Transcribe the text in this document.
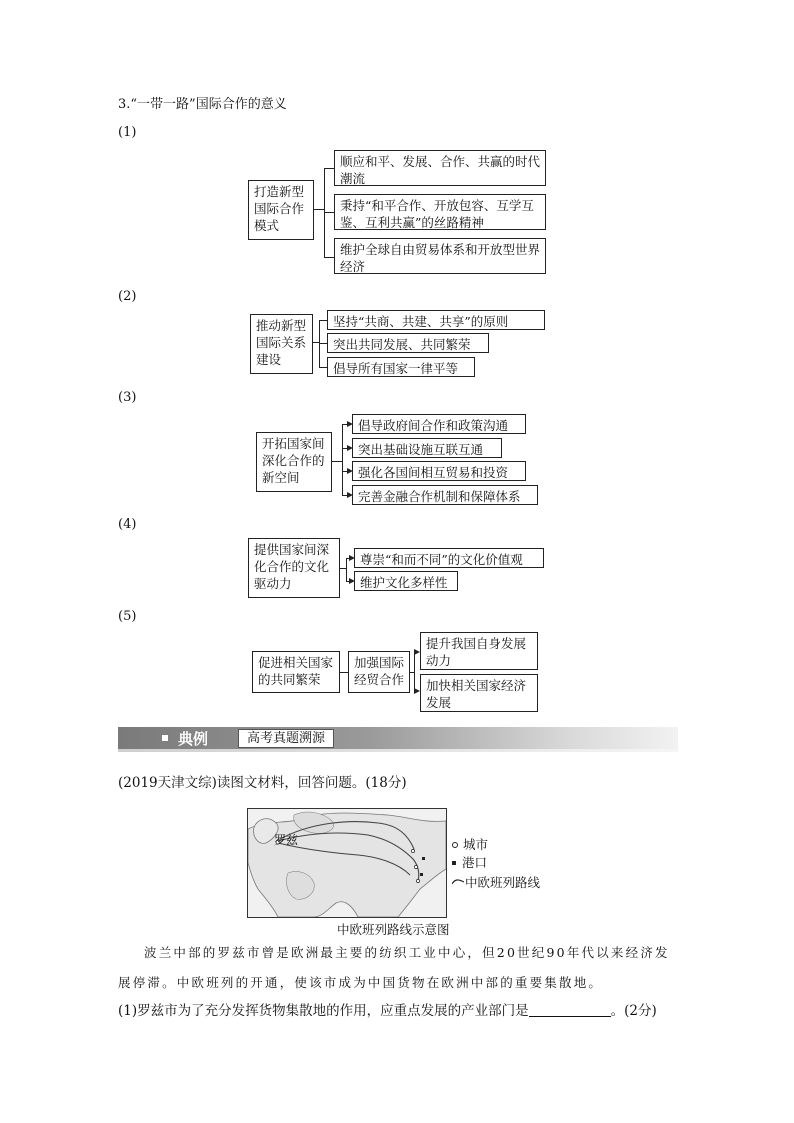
3.“一带一路”国际合作的意义
(1)
打造新型国际合作模式
顺应和平、发展、合作、共赢的时代潮流
秉持“和平合作、开放包容、互学互鉴、互利共赢”的丝路精神
维护全球自由贸易体系和开放型世界经济
(2)
推动新型国际关系建设
坚持“共商、共建、共享”的原则
突出共同发展、共同繁荣
倡导所有国家一律平等
(3)
开拓国家间深化合作的新空间
倡导政府间合作和政策沟通
突出基础设施互联互通
强化各国间相互贸易和投资
完善金融合作机制和保障体系
(4)
提供国家间深化合作的文化驱动力
尊崇“和而不同”的文化价值观
维护文化多样性
(5)
促进相关国家的共同繁荣
加强国际经贸合作
提升我国自身发展动力
加快相关国家经济发展
典例	高考真题溯源
(2019天津文综)读图文材料，回答问题。(18分)
罗兹	城市
港口
中欧班列路线
中欧班列路线示意图
波兰中部的罗兹市曾是欧洲最主要的纺织工业中心，但20世纪90年代以来经济发展停滞。中欧班列的开通，使该市成为中国货物在欧洲中部的重要集散地。
(1)罗兹市为了充分发挥货物集散地的作用，应重点发展的产业部门是	。(2分)
